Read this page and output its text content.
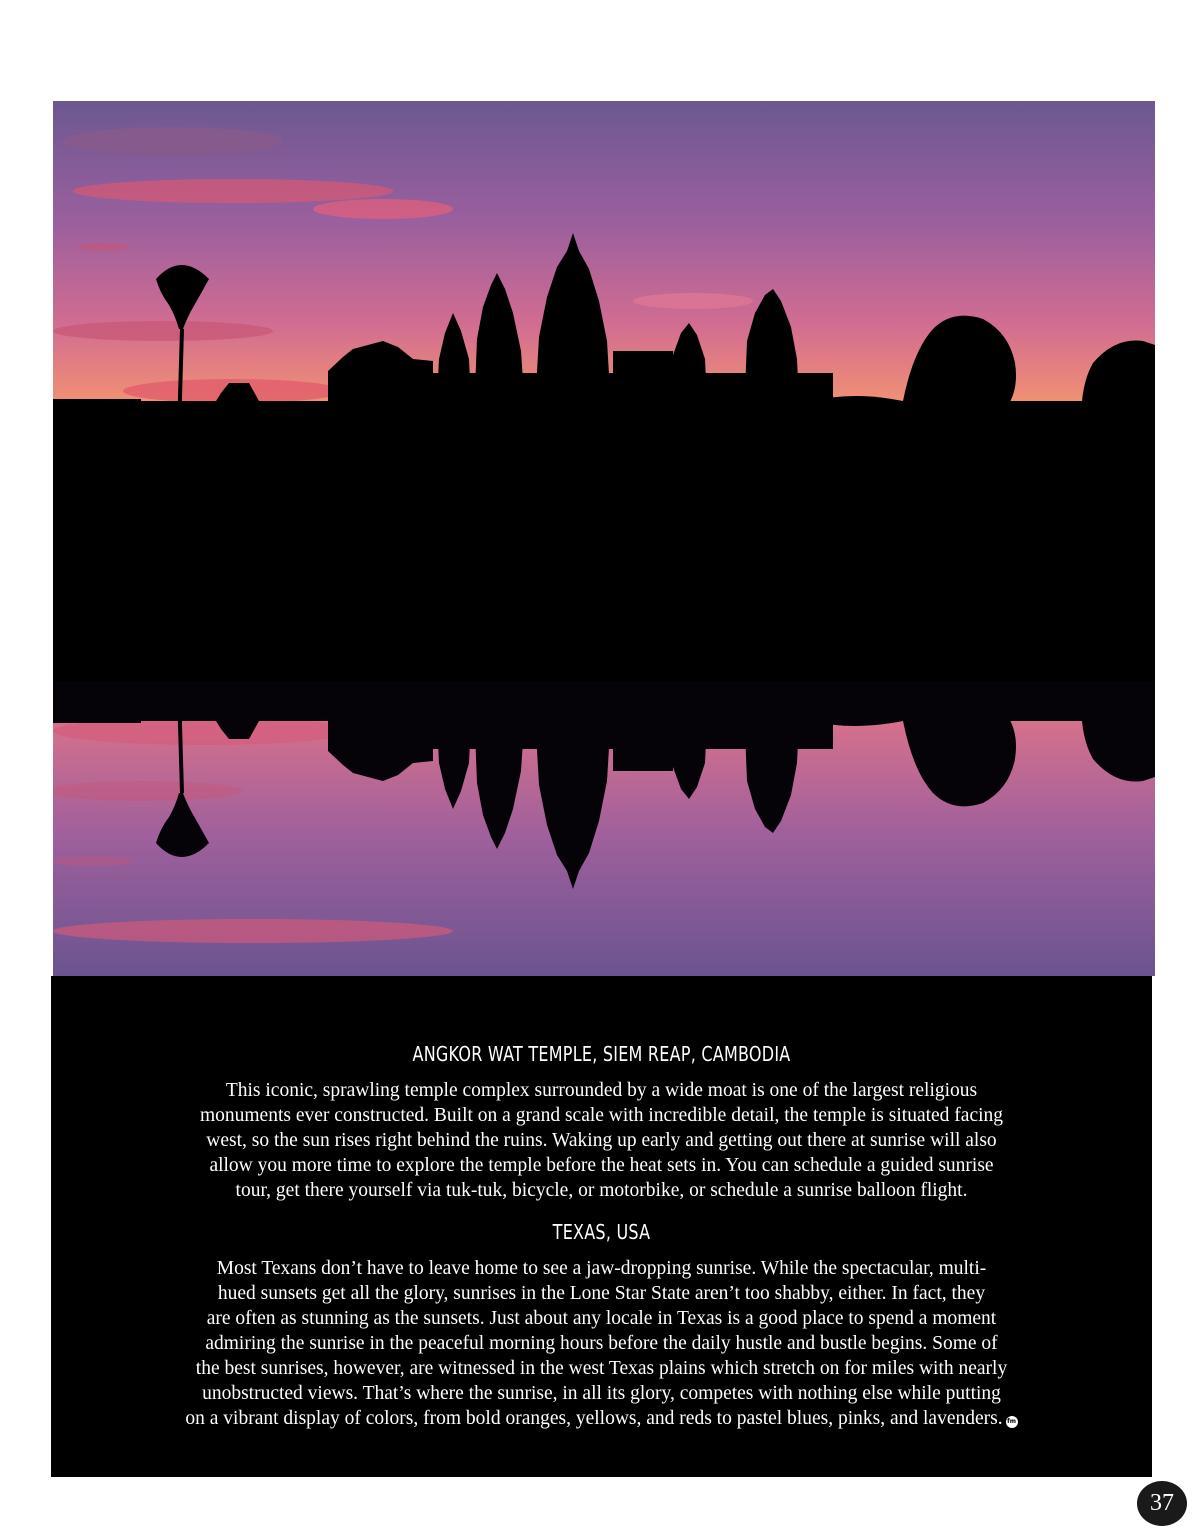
ANGKOR WAT TEMPLE, SIEM REAP, CAMBODIA

This iconic, sprawling temple complex surrounded by a wide moat is one of the largest religious
monuments ever constructed. Built on a grand scale with incredible detail, the temple is situated facing
west, so the sun rises right behind the ruins. Waking up early and getting out there at sunrise will also
allow you more time to explore the temple before the heat sets in. You can schedule a guided sunrise
tour, get there yourself via tuk-tuk, bicycle, or motorbike, or schedule a sunrise balloon flight.

TEXAS, USA

Most Texans don’t have to leave home to see a jaw-dropping sunrise. While the spectacular, multi-
hued sunsets get all the glory, sunrises in the Lone Star State aren’t too shabby, either. In fact, they
are often as stunning as the sunsets. Just about any locale in Texas is a good place to spend a moment
admiring the sunrise in the peaceful morning hours before the daily hustle and bustle begins. Some of
the best sunrises, however, are witnessed in the west Texas plains which stretch on for miles with nearly
unobstructed views. That’s where the sunrise, in all its glory, competes with nothing else while putting
on a vibrant display of colors, from bold oranges, yellows, and reds to pastel blues, pinks, and lavenders. fm

37
